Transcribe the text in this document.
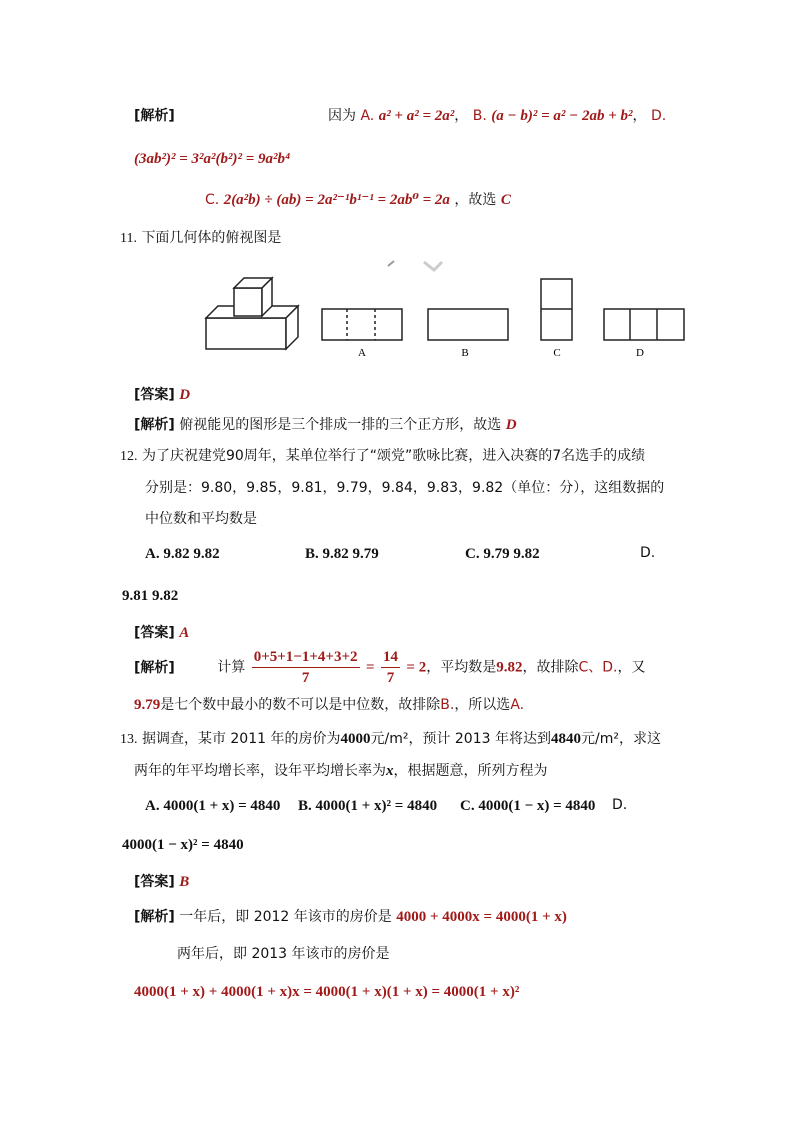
[解析]	因为 A. a² + a² = 2a²， B. (a − b)² = a² − 2ab + b²， D.
(3ab²)² = 3²a²(b²)² = 9a²b⁴
C. 2(a²b) ÷ (ab) = 2a²⁻¹b¹⁻¹ = 2ab⁰ = 2a ，故选 C
11. 下面几何体的俯视图是
A	B	C	D
[答案] D
[解析] 俯视能见的图形是三个排成一排的三个正方形，故选 D
12. 为了庆祝建党90周年，某单位举行了“颂党”歌咏比赛，进入决赛的7名选手的成绩
分别是：9.80，9.85，9.81，9.79，9.84，9.83，9.82（单位：分），这组数据的
中位数和平均数是
A. 9.82 9.82	B. 9.82 9.79	C. 9.79 9.82	D.
9.81 9.82
[答案] A
[解析]	计算 $\frac{0+5+1-1+4+3+2}{7} = \frac{14}{7} = 2$，平均数是9.82，故排除C、D.，又
9.79是七个数中最小的数不可以是中位数，故排除B.，所以选A.
13. 据调查，某市 2011 年的房价为4000元/m²，预计 2013 年将达到4840元/m²，求这
两年的年平均增长率，设年平均增长率为x，根据题意，所列方程为
A. 4000(1 + x) = 4840 B. 4000(1 + x)² = 4840 C. 4000(1 − x) = 4840 D.
4000(1 − x)² = 4840
[答案] B
[解析] 一年后，即 2012 年该市的房价是 4000 + 4000x = 4000(1 + x)
两年后，即 2013 年该市的房价是
4000(1 + x) + 4000(1 + x)x = 4000(1 + x)(1 + x) = 4000(1 + x)²
